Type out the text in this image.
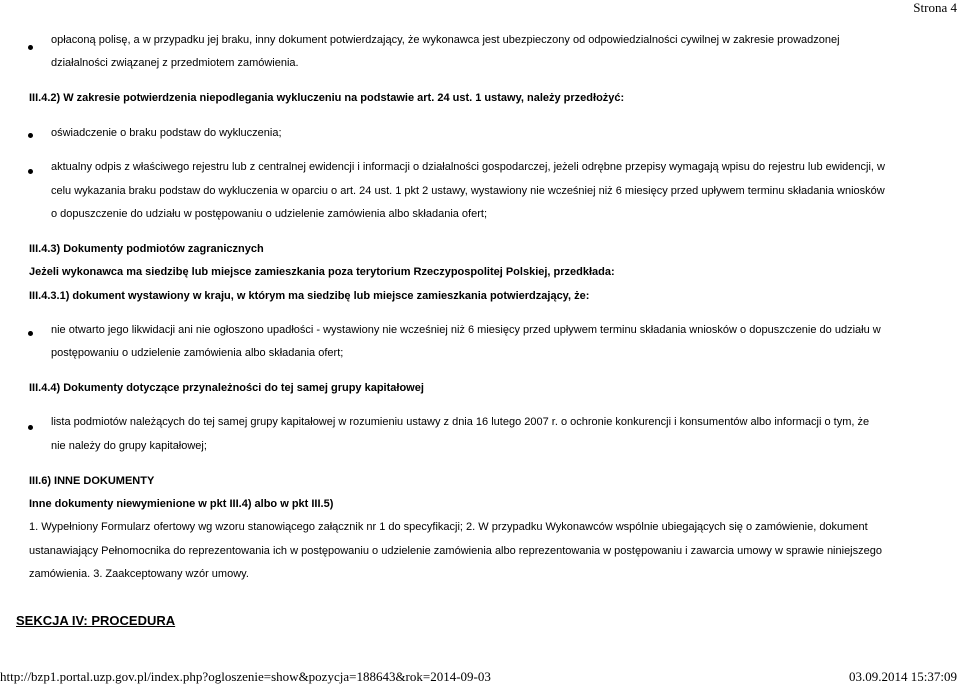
Strona 4
opłaconą polisę, a w przypadku jej braku, inny dokument potwierdzający, że wykonawca jest ubezpieczony od odpowiedzialności cywilnej w zakresie prowadzonej
działalności związanej z przedmiotem zamówienia.
III.4.2) W zakresie potwierdzenia niepodlegania wykluczeniu na podstawie art. 24 ust. 1 ustawy, należy przedłożyć:
oświadczenie o braku podstaw do wykluczenia;
aktualny odpis z właściwego rejestru lub z centralnej ewidencji i informacji o działalności gospodarczej, jeżeli odrębne przepisy wymagają wpisu do rejestru lub ewidencji, w
celu wykazania braku podstaw do wykluczenia w oparciu o art. 24 ust. 1 pkt 2 ustawy, wystawiony nie wcześniej niż 6 miesięcy przed upływem terminu składania wniosków
o dopuszczenie do udziału w postępowaniu o udzielenie zamówienia albo składania ofert;
III.4.3) Dokumenty podmiotów zagranicznych
Jeżeli wykonawca ma siedzibę lub miejsce zamieszkania poza terytorium Rzeczypospolitej Polskiej, przedkłada:
III.4.3.1) dokument wystawiony w kraju, w którym ma siedzibę lub miejsce zamieszkania potwierdzający, że:
nie otwarto jego likwidacji ani nie ogłoszono upadłości - wystawiony nie wcześniej niż 6 miesięcy przed upływem terminu składania wniosków o dopuszczenie do udziału w
postępowaniu o udzielenie zamówienia albo składania ofert;
III.4.4) Dokumenty dotyczące przynależności do tej samej grupy kapitałowej
lista podmiotów należących do tej samej grupy kapitałowej w rozumieniu ustawy z dnia 16 lutego 2007 r. o ochronie konkurencji i konsumentów albo informacji o tym, że
nie należy do grupy kapitałowej;
III.6) INNE DOKUMENTY
Inne dokumenty niewymienione w pkt III.4) albo w pkt III.5)
1. Wypełniony Formularz ofertowy wg wzoru stanowiącego załącznik nr 1 do specyfikacji; 2. W przypadku Wykonawców wspólnie ubiegających się o zamówienie, dokument
ustanawiający Pełnomocnika do reprezentowania ich w postępowaniu o udzielenie zamówienia albo reprezentowania w postępowaniu i zawarcia umowy w sprawie niniejszego
zamówienia. 3. Zaakceptowany wzór umowy.
SEKCJA IV: PROCEDURA
http://bzp1.portal.uzp.gov.pl/index.php?ogloszenie=show&pozycja=188643&rok=2014-09-03	03.09.2014 15:37:09
